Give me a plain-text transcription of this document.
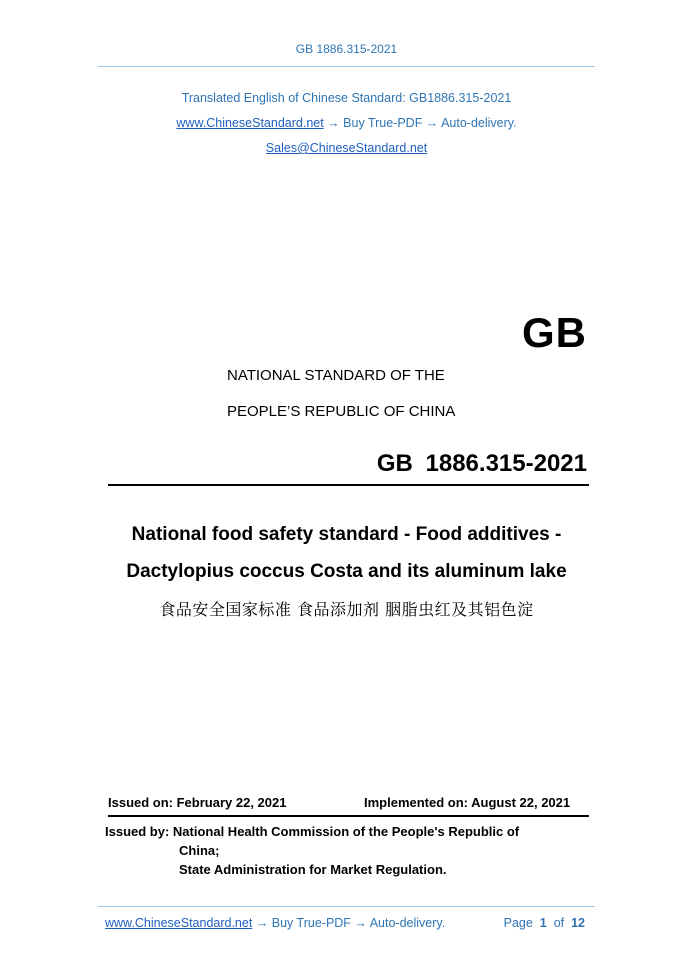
GB 1886.315-2021
Translated English of Chinese Standard: GB1886.315-2021
www.ChineseStandard.net → Buy True-PDF → Auto-delivery.
Sales@ChineseStandard.net
GB
NATIONAL STANDARD OF THE
PEOPLE’S REPUBLIC OF CHINA
GB 1886.315-2021
National food safety standard - Food additives -
Dactylopius coccus Costa and its aluminum lake
食品安全国家标准 食品添加剂 胭脂虫红及其铝色淀
Issued on: February 22, 2021	Implemented on: August 22, 2021
Issued by: National Health Commission of the People's Republic of
China;
State Administration for Market Regulation.
www.ChineseStandard.net → Buy True-PDF → Auto-delivery.	Page 1 of 12
